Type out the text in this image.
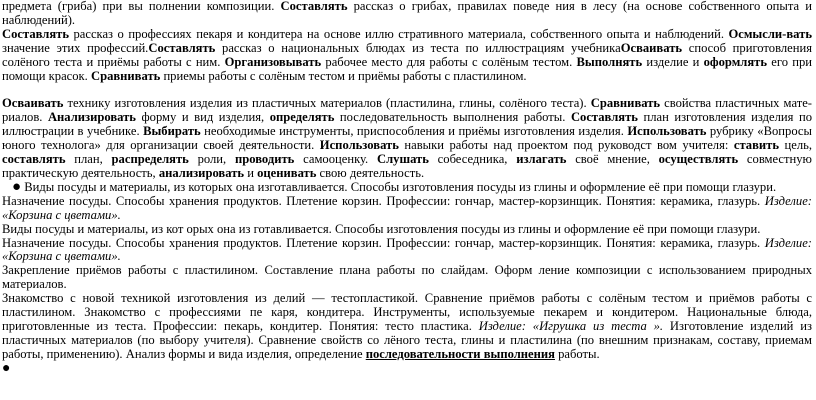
предмета (гриба) при вы полнении композиции. Составлять рассказ о грибах, правилах поведе ния в лесу (на основе собственного опыта и наблюдений).

Составлять рассказ о профессиях пекаря и кондитера на основе иллю стративного материала, собственного опыта и наблюдений. Осмысли-вать значение этих профессий.Составлять рассказ о национальных блюдах из теста по иллюстрациям учебникаОсваивать способ приготовления солёного теста и приёмы работы с ним. Организовывать рабочее место для работы с солёным тестом. Выполнять изделие и оформлять его при помощи красок. Сравнивать приемы работы с солёным тестом и приёмы работы с пластилином.

Осваивать технику изготовления изделия из пластичных материалов (пластилина, глины, солёного теста). Сравнивать свойства пластичных мате-риалов. Анализировать форму и вид изделия, определять последовательность выполнения работы. Составлять план изготовления изделия по иллюстрации в учебнике. Выбирать необходимые инструменты, приспособления и приёмы изготовления изделия. Использовать рубрику «Вопросы юного технолога» для организации своей деятельности. Использовать навыки работы над проектом под руководст вом учителя: ставить цель, составлять план, распределять роли, проводить самооценку. Слушать собеседника, излагать своё мнение, осуществлять совместную практическую деятельность, анализировать и оценивать свою деятельность.

● Виды посуды и материалы, из которых она изготавливается. Способы изготовления посуды из глины и оформление её при помощи глазури.

Назначение посуды. Способы хранения продуктов. Плетение корзин. Профессии: гончар, мастер-корзинщик. Понятия: керамика, глазурь. Изделие: «Корзина с цветами».

Виды посуды и материалы, из кот орых она из готавливается. Способы изготовления посуды из глины и оформление её при помощи глазури.

Назначение посуды. Способы хранения продуктов. Плетение корзин. Профессии: гончар, мастер-корзинщик. Понятия: керамика, глазурь. Изделие: «Корзина с цветами».

Закрепление приёмов работы с пластилином. Составление плана работы по слайдам. Оформ ление композиции с использованием природных материалов.

Знакомство с новой техникой изготовления из делий — тестопластикой. Сравнение приёмов работы с солёным тестом и приёмов работы с пластилином. Знакомство с профессиями пе каря, кондитера. Инструменты, используемые пекарем и кондитером. Национальные блюда, приготовленные из теста. Профессии: пекарь, кондитер. Понятия: тесто пластика. Изделие: «Игрушка из теста ». Изготовление изделий из пластичных материалов (по выбору учителя). Сравнение свойств со лёного теста, глины и пластилина (по внешним признакам, составу, приемам работы, применению). Анализ формы и вида изделия, определение последовательности выполнения работы.

●
